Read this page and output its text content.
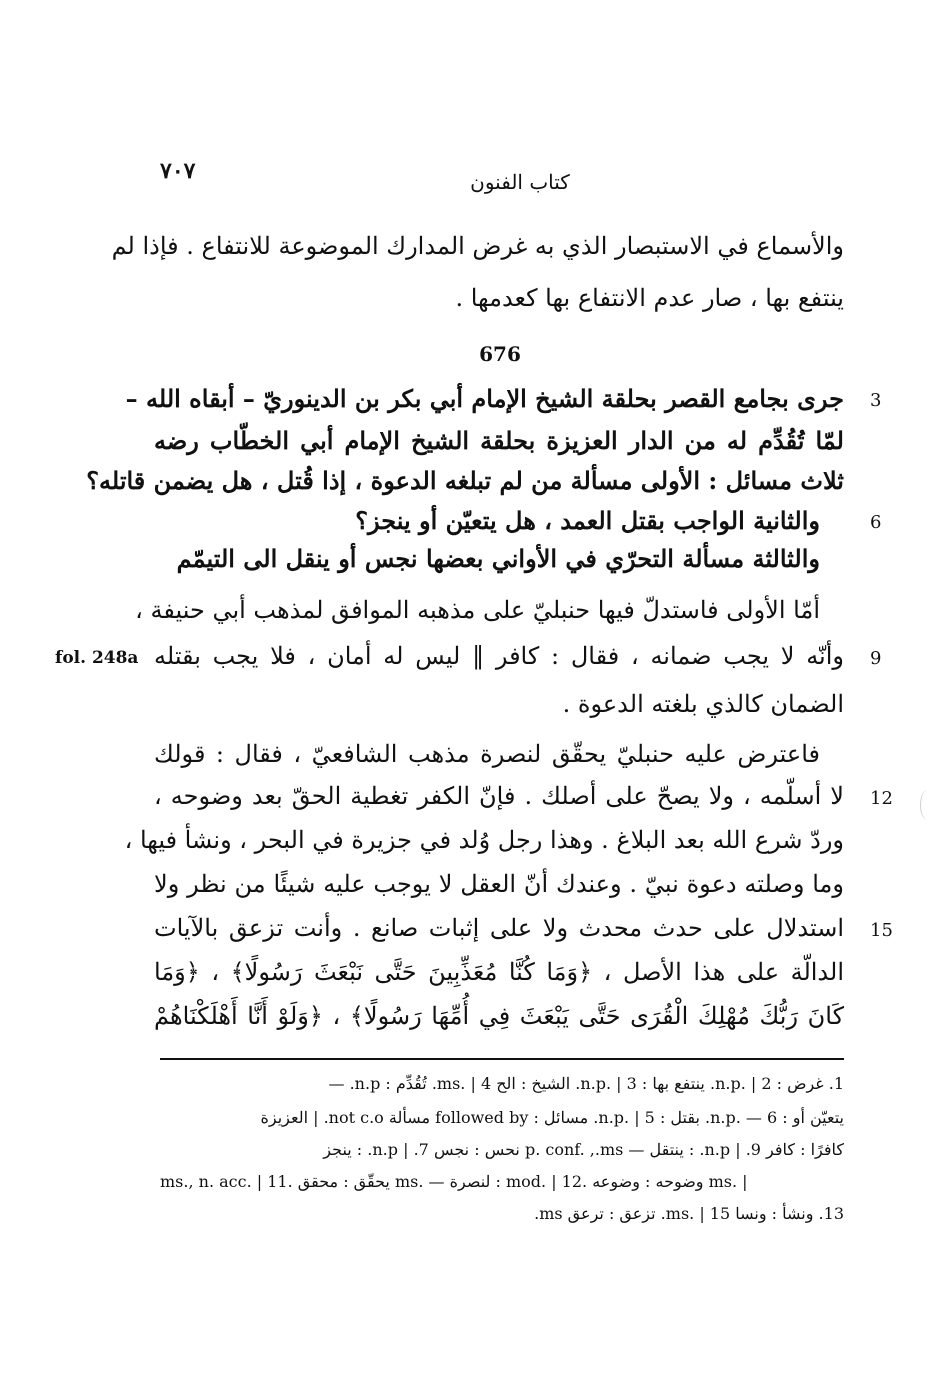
٧٠٧	كتاب الفنون
والأسماع في الاستبصار الذي به غرض المدارك الموضوعة للانتفاع . فإذا لم
ينتفع بها ، صار عدم الانتفاع بها كعدمها .
676
جرى بجامع القصر بحلقة الشيخ الإمام أبي بكر بن الدينوريّ – أبقاه الله –
لمّا تُقُدِّم له من الدار العزيزة بحلقة الشيخ الإمام أبي الخطّاب رضه
ثلاث مسائل : الأولى مسألة من لم تبلغه الدعوة ، إذا قُتل ، هل يضمن قاتله؟
والثانية الواجب بقتل العمد ، هل يتعيّن أو ينجز؟
والثالثة مسألة التحرّي في الأواني بعضها نجس أو ينقل الى التيمّم
أمّا الأولى فاستدلّ فيها حنبليّ على مذهبه الموافق لمذهب أبي حنيفة ،
وأنّه لا يجب ضمانه ، فقال : كافر ‖ ليس له أمان ، فلا يجب بقتله
الضمان كالذي بلغته الدعوة .
فاعترض عليه حنبليّ يحقّق لنصرة مذهب الشافعيّ ، فقال : قولك
لا أسلّمه ، ولا يصحّ على أصلك . فإنّ الكفر تغطية الحقّ بعد وضوحه ،
وردّ شرع الله بعد البلاغ . وهذا رجل وُلد في جزيرة في البحر ، ونشأ فيها ،
وما وصلته دعوة نبيّ . وعندك أنّ العقل لا يوجب عليه شيئًا من نظر ولا
استدلال على حدث محدث ولا على إثبات صانع . وأنت تزعق بالآيات
الدالّة على هذا الأصل ، ﴿وَمَا كُنَّا مُعَذِّبِينَ حَتَّى نَبْعَثَ رَسُولًا﴾ ، ﴿وَمَا
كَانَ رَبُّكَ مُهْلِكَ الْقُرَى حَتَّى يَبْعَثَ فِي أُمِّهَا رَسُولًا﴾ ، ﴿وَلَوْ أَنَّا أَهْلَكْنَاهُمْ
3
6
9
12
15
fol. 248a
1. غرض : n.p. | 2. ينتفع بها : n.p. | 3. الشيخ : الح ms. | 4. تُقُدِّم : n.p. —
يتعيّن أو : n.p. — 6. بقتل : n.p. | 5. مسائل : followed by مسألة not c.o. | العزيزة
كافرًا : كافر 9. | n.p. : ينتقل — p. conf. ,.ms نحس : نجس 7. | n.p. : ينجز
ms., n. acc. | 11. يحقّق : محقق ms. — لنصرة : mod. | 12. وضوحه : وضوعه ms. |
13. ونشأ : ونسا ms. | 15. تزعق : ترعق ms.
